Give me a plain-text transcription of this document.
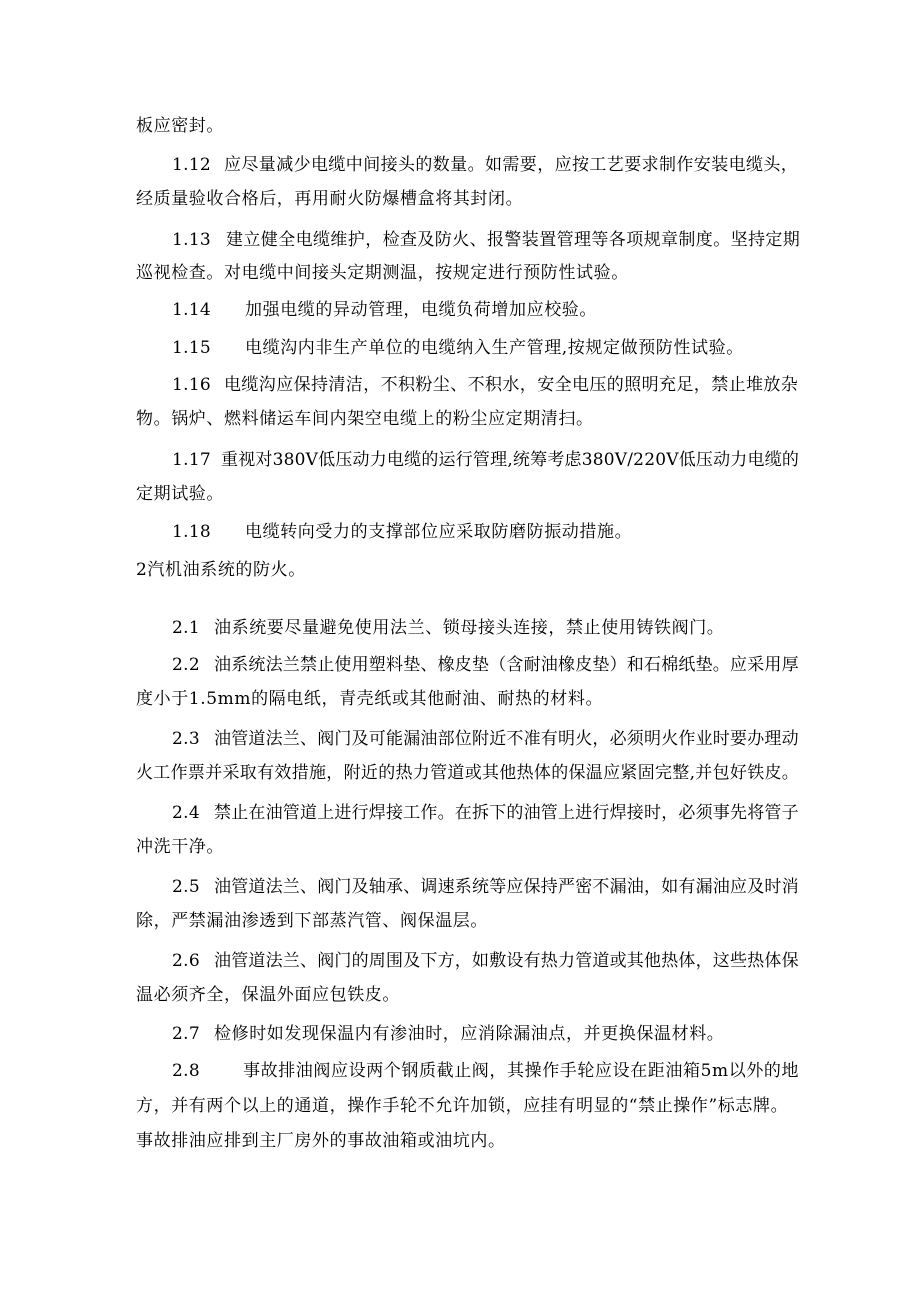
板应密封。
1.12 应尽量减少电缆中间接头的数量。如需要，应按工艺要求制作安装电缆头，
经质量验收合格后，再用耐火防爆槽盒将其封闭。
1.13 建立健全电缆维护，检查及防火、报警装置管理等各项规章制度。坚持定期
巡视检查。对电缆中间接头定期测温，按规定进行预防性试验。
1.14 加强电缆的异动管理，电缆负荷增加应校验。
1.15 电缆沟内非生产单位的电缆纳入生产管理,按规定做预防性试验。
1.16 电缆沟应保持清洁，不积粉尘、不积水，安全电压的照明充足，禁止堆放杂
物。锅炉、燃料储运车间内架空电缆上的粉尘应定期清扫。
1.17 重视对380V低压动力电缆的运行管理,统筹考虑380V/220V低压动力电缆的
定期试验。
1.18 电缆转向受力的支撑部位应采取防磨防振动措施。
2汽机油系统的防火。
2.1 油系统要尽量避免使用法兰、锁母接头连接，禁止使用铸铁阀门。
2.2 油系统法兰禁止使用塑料垫、橡皮垫（含耐油橡皮垫）和石棉纸垫。应采用厚
度小于1.5mm的隔电纸，青壳纸或其他耐油、耐热的材料。
2.3 油管道法兰、阀门及可能漏油部位附近不准有明火，必须明火作业时要办理动
火工作票并采取有效措施，附近的热力管道或其他热体的保温应紧固完整,并包好铁皮。
2.4 禁止在油管道上进行焊接工作。在拆下的油管上进行焊接时，必须事先将管子
冲洗干净。
2.5 油管道法兰、阀门及轴承、调速系统等应保持严密不漏油，如有漏油应及时消
除，严禁漏油渗透到下部蒸汽管、阀保温层。
2.6 油管道法兰、阀门的周围及下方，如敷设有热力管道或其他热体，这些热体保
温必须齐全，保温外面应包铁皮。
2.7 检修时如发现保温内有渗油时，应消除漏油点，并更换保温材料。
2.8	事故排油阀应设两个钢质截止阀，其操作手轮应设在距油箱5m以外的地
方，并有两个以上的通道，操作手轮不允许加锁，应挂有明显的“禁止操作”标志牌。
事故排油应排到主厂房外的事故油箱或油坑内。
